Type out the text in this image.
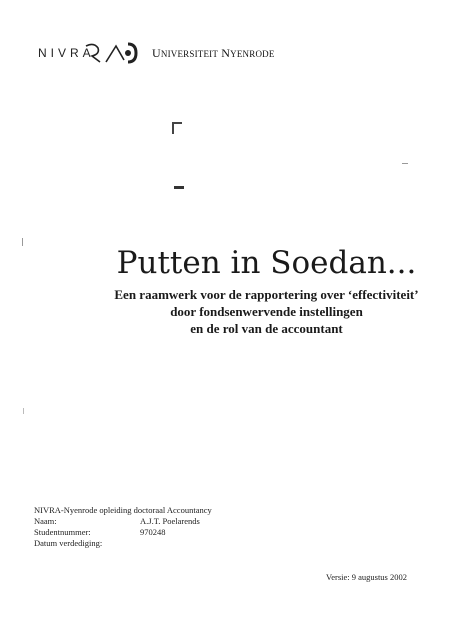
NIVRA	UNIVERSITEIT NYENRODE
Putten in Soedan...
Een raamwerk voor de rapportering over ‘effectiviteit’
door fondsenwervende instellingen
en de rol van de accountant
NIVRA-Nyenrode opleiding doctoraal Accountancy
Naam:	A.J.T. Poelarends
Studentnummer:	970248
Datum verdediging:
Versie: 9 augustus 2002
